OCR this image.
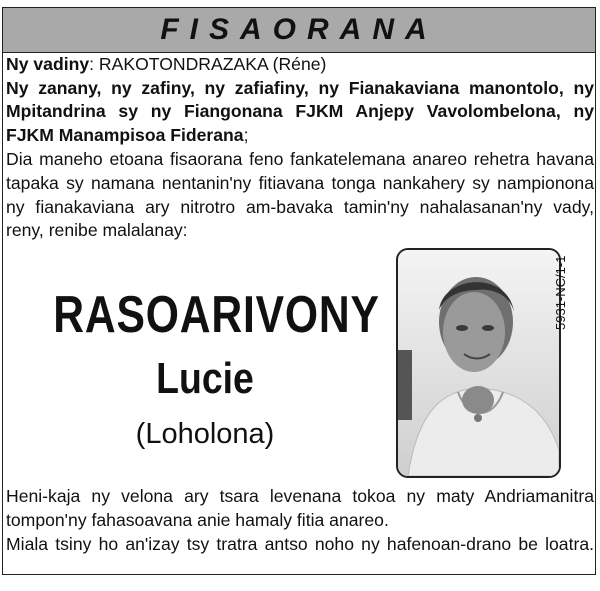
FISAORANA
Ny vadiny: RAKOTONDRAZAKA (Réne)
Ny zanany, ny zafiny, ny zafiafiny, ny Fianakaviana manontolo, ny
Mpitandrina sy ny Fiangonana FJKM Anjepy Vavolombelona, ny
FJKM Manampisoa Fiderana;
Dia maneho etoana fisaorana feno fankatelemana anareo rehetra havana
tapaka sy namana nentanin'ny fitiavana tonga nankahery sy nampionona
ny fianakaviana ary nitrotro am-bavaka tamin'ny nahalasanan'ny vady,
reny, renibe malalanay:
RASOARIVONY
Lucie
(Loholona)
5931-NC/1-1
Heni-kaja ny velona ary tsara levenana tokoa ny maty Andriamanitra
tompon'ny fahasoavana anie hamaly fitia anareo.
Miala tsiny ho an'izay tsy tratra antso noho ny hafenoan-drano be loatra.
